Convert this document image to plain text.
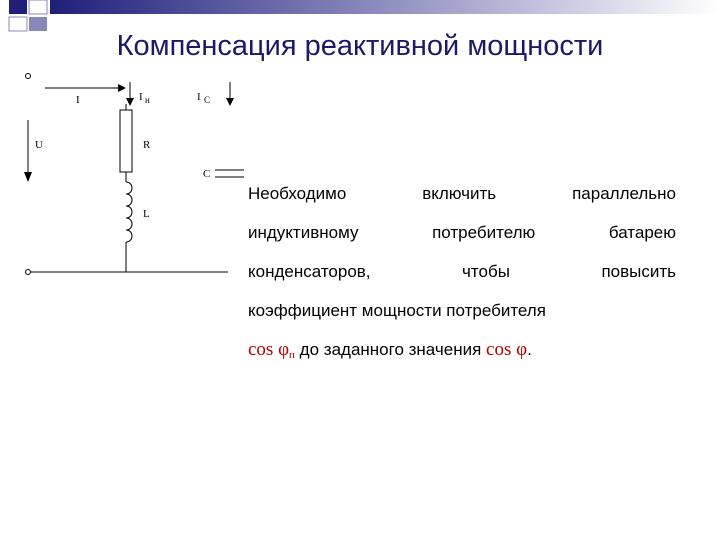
Компенсация реактивной мощности
I
U
I н	I C
R
L
C
Необходимо включить параллельно
индуктивному потребителю батарею
конденсаторов, чтобы повысить
коэффициент мощности потребителя
$\cos \varphi_п$ до заданного значения cos φ.
